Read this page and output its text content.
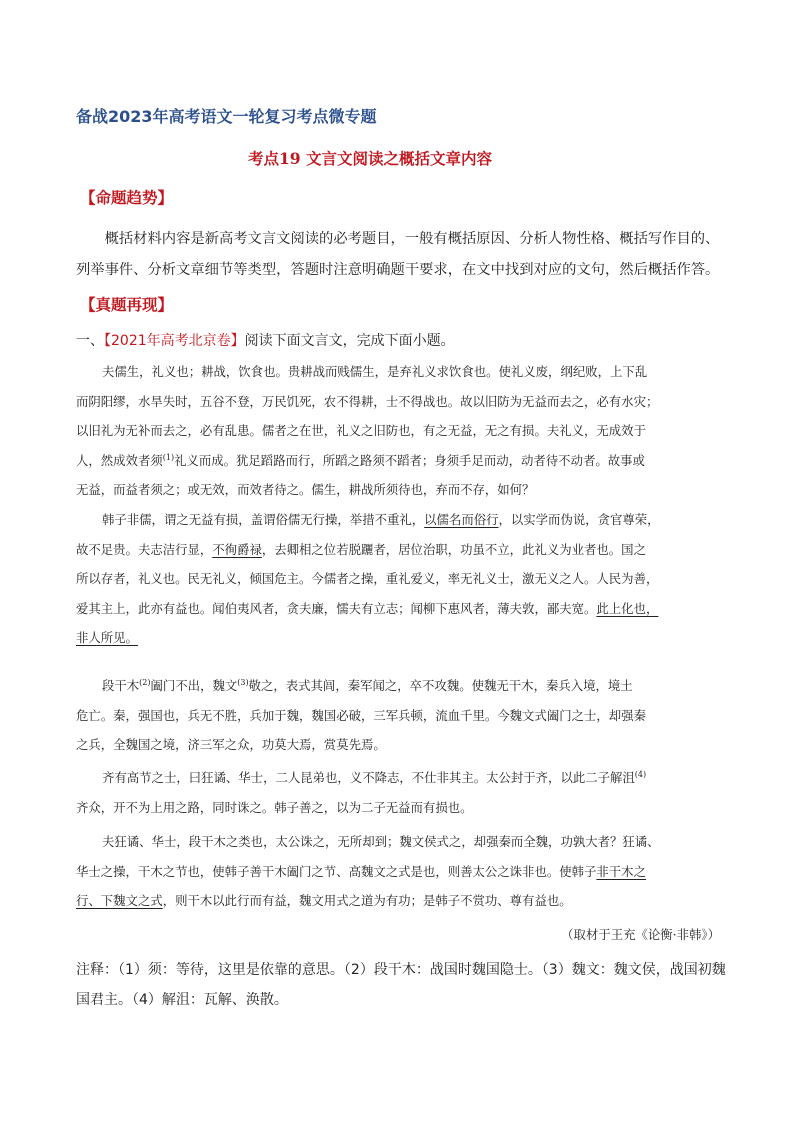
备战2023年高考语文一轮复习考点微专题
考点19 文言文阅读之概括文章内容
【命题趋势】
概括材料内容是新高考文言文阅读的必考题目，一般有概括原因、分析人物性格、概括写作目的、列举事件、分析文章细节等类型，答题时注意明确题干要求，在文中找到对应的文句，然后概括作答。
【真题再现】
一、【2021年高考北京卷】阅读下面文言文，完成下面小题。
夫儒生，礼义也；耕战，饮食也。贵耕战而贱儒生，是弃礼义求饮食也。使礼义废，纲纪败，上下乱
而阴阳缪，水旱失时，五谷不登，万民饥死，农不得耕，士不得战也。故以旧防为无益而去之，必有水灾；
以旧礼为无补而去之，必有乱患。儒者之在世，礼义之旧防也，有之无益，无之有损。夫礼义，无成效于
人，然成效者须$^{(1)}$礼义而成。犹足蹈路而行，所蹈之路须不蹈者；身须手足而动，动者待不动者。故事或
无益，而益者须之；或无效，而效者待之。儒生，耕战所须待也，弃而不存，如何？
韩子非儒，谓之无益有损，盖谓俗儒无行操，举措不重礼，以儒名而俗行，以实学而伪说，贪官尊荣，
故不足贵。夫志洁行显，不徇爵禄，去卿相之位若脱躧者，居位治职，功虽不立，此礼义为业者也。国之
所以存者，礼义也。民无礼义，倾国危主。今儒者之操，重礼爱义，率无礼义士，激无义之人。人民为善，
爱其主上，此亦有益也。闻伯夷风者，贪夫廉，懦夫有立志；闻柳下惠风者，薄夫敦，鄙夫宽。此上化也，
非人所见。
段干木$^{(2)}$阖门不出，魏文$^{(3)}$敬之，表式其闾，秦军闻之，卒不攻魏。使魏无干木，秦兵入境，境土
危亡。秦，强国也，兵无不胜，兵加于魏，魏国必破，三军兵顿，流血千里。今魏文式阖门之士，却强秦
之兵，全魏国之境，济三军之众，功莫大焉，赏莫先焉。
齐有高节之士，曰狂谲、华士，二人昆弟也，义不降志，不仕非其主。太公封于齐，以此二子解沮$^{(4)}$
齐众，开不为上用之路，同时诛之。韩子善之，以为二子无益而有损也。
夫狂谲、华士，段干木之类也，太公诛之，无所却到；魏文侯式之，却强秦而全魏，功孰大者？狂谲、
华士之操，干木之节也，使韩子善干木阖门之节、高魏文之式是也，则善太公之诛非也。使韩子非干木之
行、下魏文之式，则干木以此行而有益，魏文用式之道为有功；是韩子不赏功、尊有益也。
（取材于王充《论衡·非韩》）
注释：（1）须：等待，这里是依靠的意思。（2）段干木：战国时魏国隐士。（3）魏文：魏文侯，战国初魏国君主。（4）解沮：瓦解、涣散。
